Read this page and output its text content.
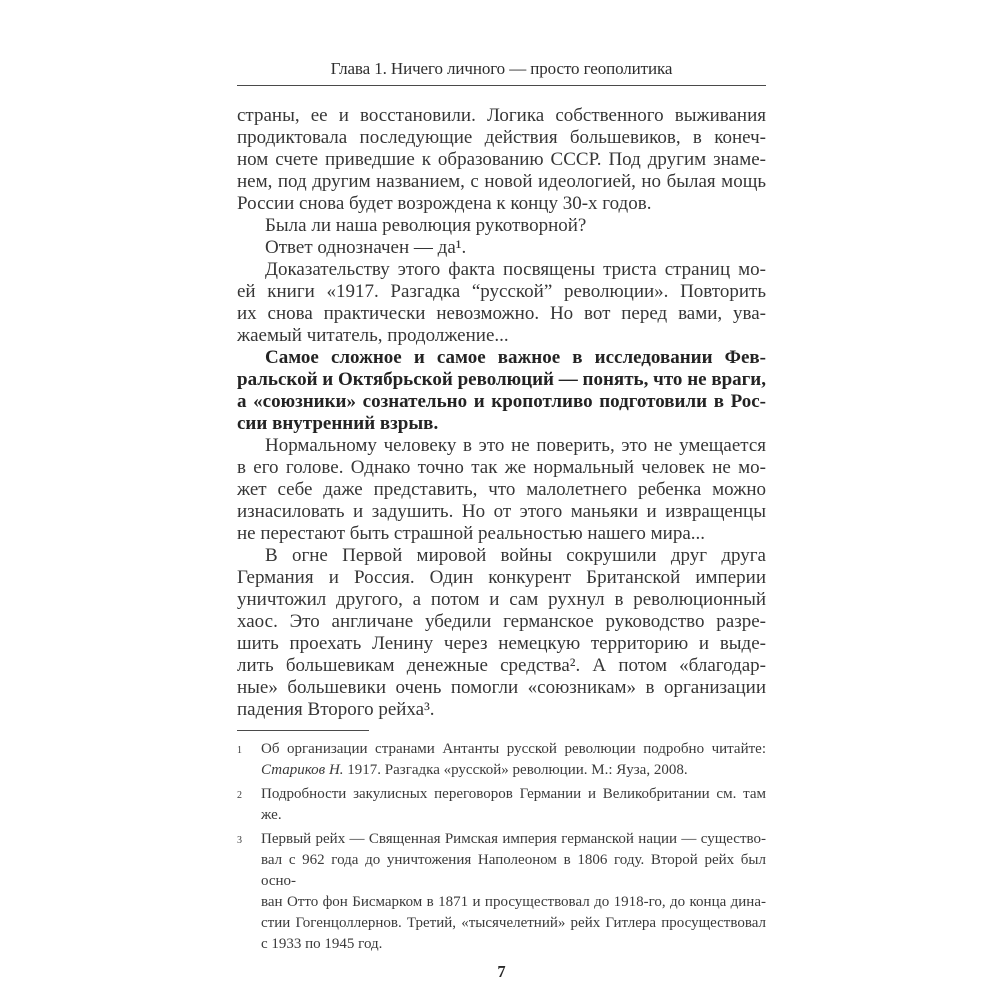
Глава 1. Ничего личного — просто геополитика

страны, ее и восстановили. Логика собственного выживания
продиктовала последующие действия большевиков, в конеч-
ном счете приведшие к образованию СССР. Под другим знаме-
нем, под другим названием, с новой идеологией, но былая мощь
России снова будет возрождена к концу 30-х годов.

Была ли наша революция рукотворной?

Ответ однозначен — да¹.

Доказательству этого факта посвящены триста страниц мо-
ей книги «1917. Разгадка “русской” революции». Повторить
их снова практически невозможно. Но вот перед вами, ува-
жаемый читатель, продолжение...

Самое сложное и самое важное в исследовании Фев-
ральской и Октябрьской революций — понять, что не враги,
а «союзники» сознательно и кропотливо подготовили в Рос-
сии внутренний взрыв.

Нормальному человеку в это не поверить, это не умещается
в его голове. Однако точно так же нормальный человек не мо-
жет себе даже представить, что малолетнего ребенка можно
изнасиловать и задушить. Но от этого маньяки и извращенцы
не перестают быть страшной реальностью нашего мира...

В огне Первой мировой войны сокрушили друг друга
Германия и Россия. Один конкурент Британской империи
уничтожил другого, а потом и сам рухнул в революционный
хаос. Это англичане убедили германское руководство разре-
шить проехать Ленину через немецкую территорию и выде-
лить большевикам денежные средства². А потом «благодар-
ные» большевики очень помогли «союзникам» в организации
падения Второго рейха³.

1	Об организации странами Антанты русской революции подробно читайте:
Стариков Н. 1917. Разгадка «русской» революции. М.: Яуза, 2008.
2	Подробности закулисных переговоров Германии и Великобритании см. там же.
3	Первый рейх — Священная Римская империя германской нации — существо-
вал с 962 года до уничтожения Наполеоном в 1806 году. Второй рейх был осно-
ван Отто фон Бисмарком в 1871 и просуществовал до 1918-го, до конца дина-
стии Гогенцоллернов. Третий, «тысячелетний» рейх Гитлера просуществовал
с 1933 по 1945 год.
7
